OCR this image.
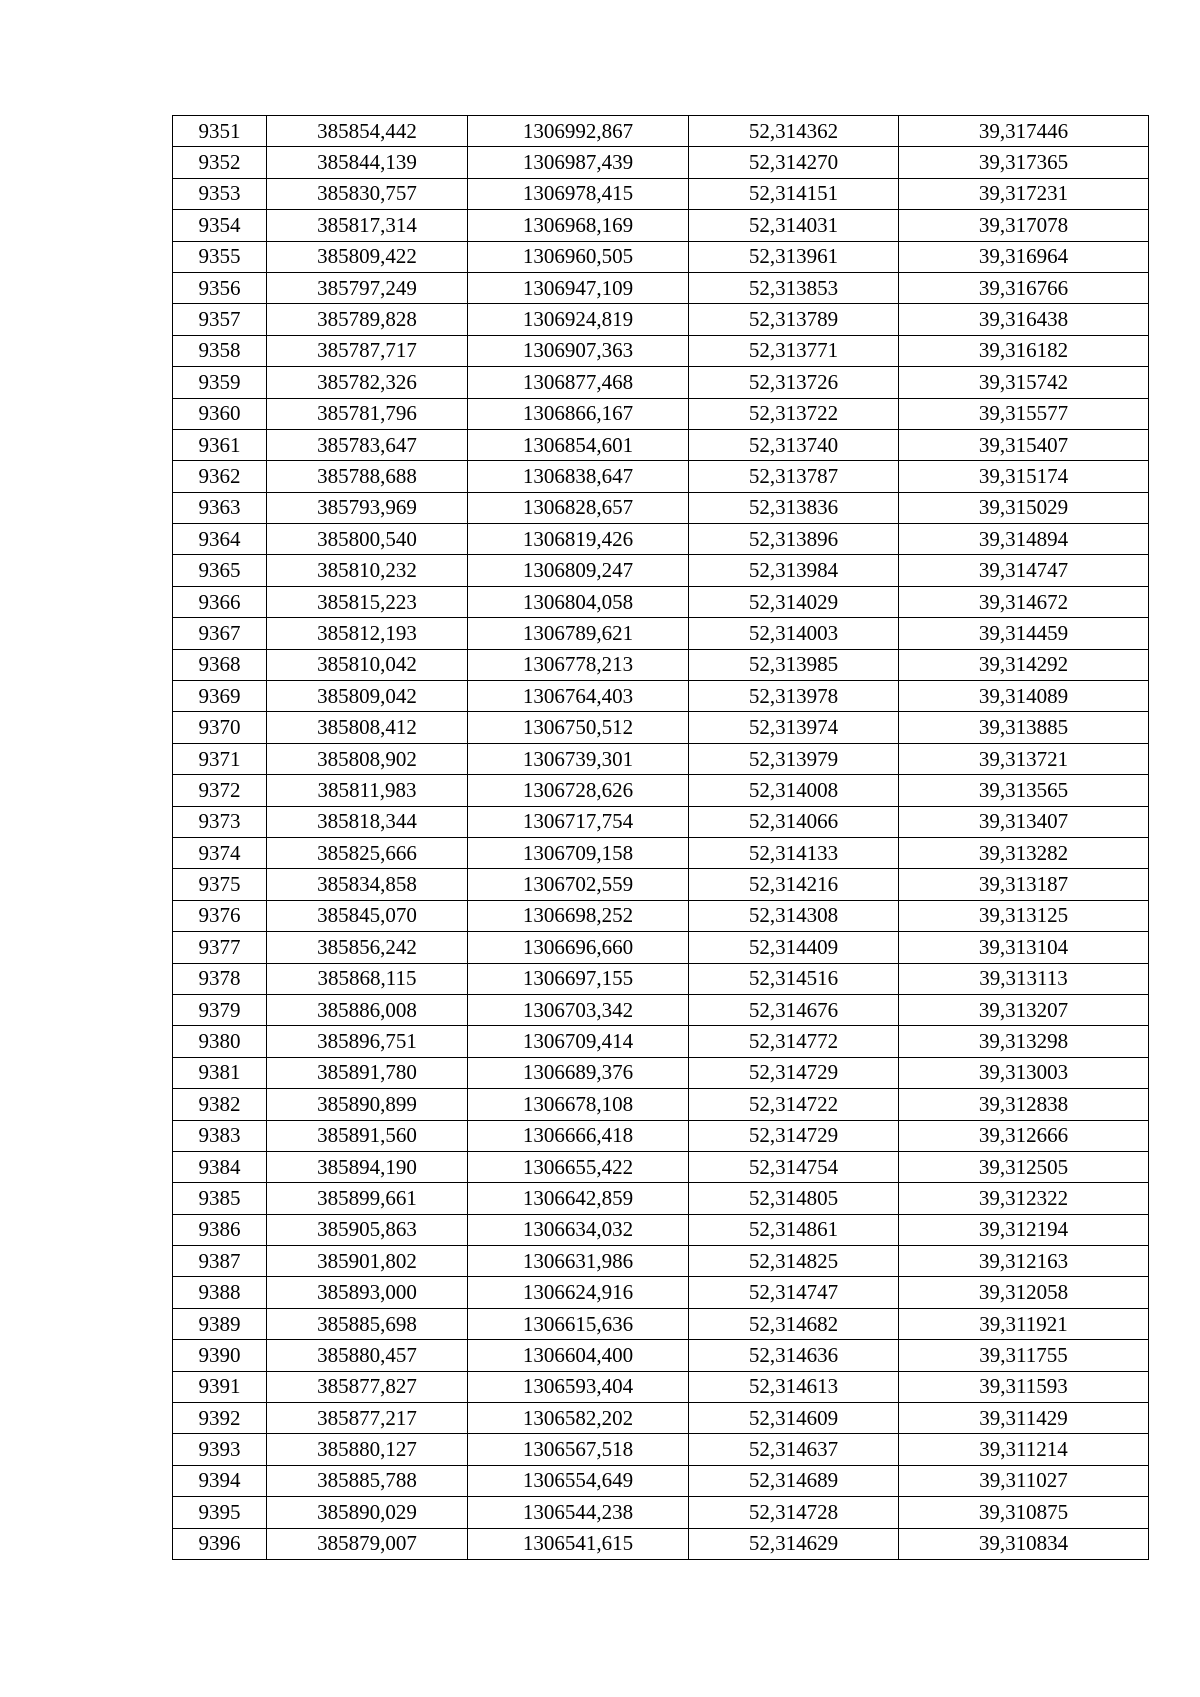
9351	385854,442	1306992,867	52,314362	39,317446
9352	385844,139	1306987,439	52,314270	39,317365
9353	385830,757	1306978,415	52,314151	39,317231
9354	385817,314	1306968,169	52,314031	39,317078
9355	385809,422	1306960,505	52,313961	39,316964
9356	385797,249	1306947,109	52,313853	39,316766
9357	385789,828	1306924,819	52,313789	39,316438
9358	385787,717	1306907,363	52,313771	39,316182
9359	385782,326	1306877,468	52,313726	39,315742
9360	385781,796	1306866,167	52,313722	39,315577
9361	385783,647	1306854,601	52,313740	39,315407
9362	385788,688	1306838,647	52,313787	39,315174
9363	385793,969	1306828,657	52,313836	39,315029
9364	385800,540	1306819,426	52,313896	39,314894
9365	385810,232	1306809,247	52,313984	39,314747
9366	385815,223	1306804,058	52,314029	39,314672
9367	385812,193	1306789,621	52,314003	39,314459
9368	385810,042	1306778,213	52,313985	39,314292
9369	385809,042	1306764,403	52,313978	39,314089
9370	385808,412	1306750,512	52,313974	39,313885
9371	385808,902	1306739,301	52,313979	39,313721
9372	385811,983	1306728,626	52,314008	39,313565
9373	385818,344	1306717,754	52,314066	39,313407
9374	385825,666	1306709,158	52,314133	39,313282
9375	385834,858	1306702,559	52,314216	39,313187
9376	385845,070	1306698,252	52,314308	39,313125
9377	385856,242	1306696,660	52,314409	39,313104
9378	385868,115	1306697,155	52,314516	39,313113
9379	385886,008	1306703,342	52,314676	39,313207
9380	385896,751	1306709,414	52,314772	39,313298
9381	385891,780	1306689,376	52,314729	39,313003
9382	385890,899	1306678,108	52,314722	39,312838
9383	385891,560	1306666,418	52,314729	39,312666
9384	385894,190	1306655,422	52,314754	39,312505
9385	385899,661	1306642,859	52,314805	39,312322
9386	385905,863	1306634,032	52,314861	39,312194
9387	385901,802	1306631,986	52,314825	39,312163
9388	385893,000	1306624,916	52,314747	39,312058
9389	385885,698	1306615,636	52,314682	39,311921
9390	385880,457	1306604,400	52,314636	39,311755
9391	385877,827	1306593,404	52,314613	39,311593
9392	385877,217	1306582,202	52,314609	39,311429
9393	385880,127	1306567,518	52,314637	39,311214
9394	385885,788	1306554,649	52,314689	39,311027
9395	385890,029	1306544,238	52,314728	39,310875
9396	385879,007	1306541,615	52,314629	39,310834
